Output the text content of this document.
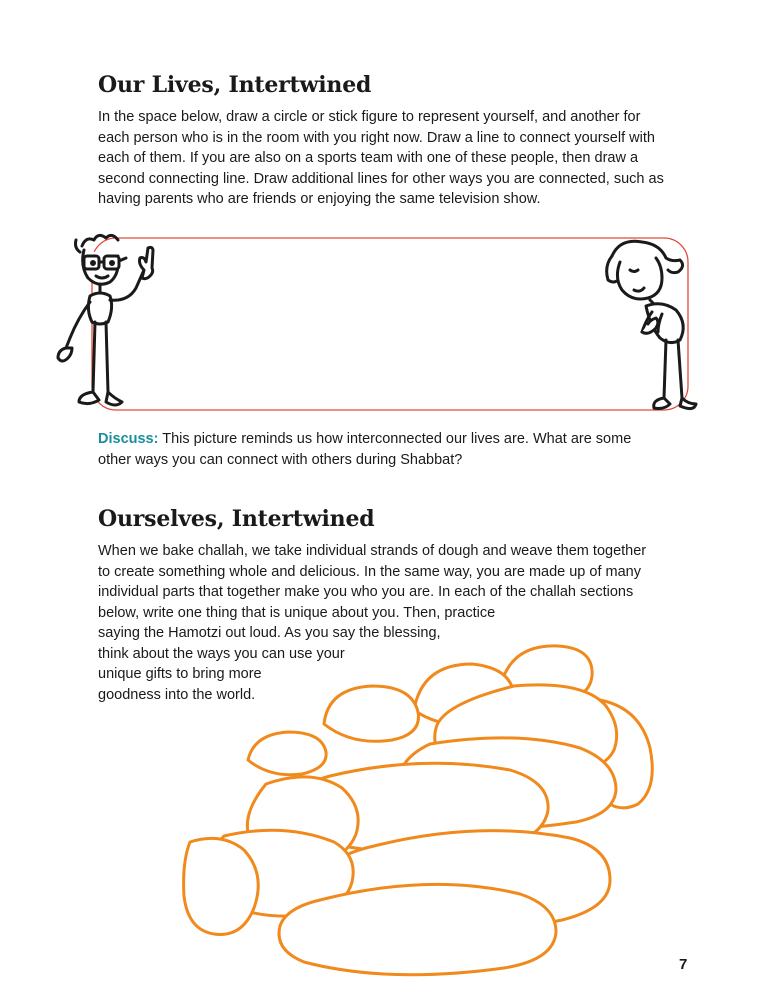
Our Lives, Intertwined

In the space below, draw a circle or stick figure to represent yourself, and another for
each person who is in the room with you right now. Draw a line to connect yourself with
each of them. If you are also on a sports team with one of these people, then draw a
second connecting line. Draw additional lines for other ways you are connected, such as
having parents who are friends or enjoying the same television show.

Discuss: This picture reminds us how interconnected our lives are. What are some
other ways you can connect with others during Shabbat?

Ourselves, Intertwined

When we bake challah, we take individual strands of dough and weave them together
to create something whole and delicious. In the same way, you are made up of many
individual parts that together make you who you are. In each of the challah sections
below, write one thing that is unique about you. Then, practice
saying the Hamotzi out loud. As you say the blessing,
think about the ways you can use your
unique gifts to bring more
goodness into the world.

7
